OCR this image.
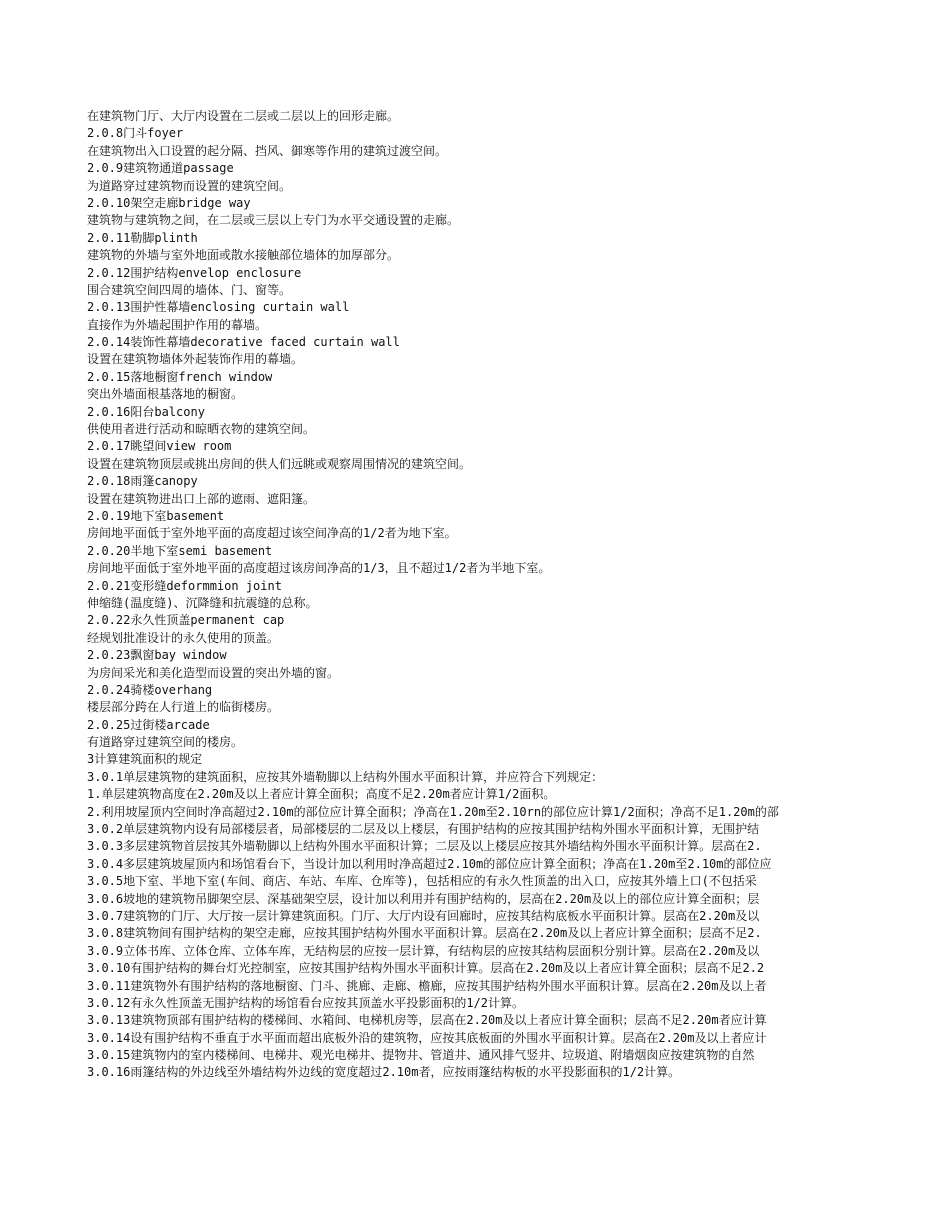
在建筑物门厅、大厅内设置在二层或二层以上的回形走廊。
2.0.8门斗foyer
在建筑物出入口设置的起分隔、挡风、御寒等作用的建筑过渡空间。
2.0.9建筑物通道passage
为道路穿过建筑物而设置的建筑空间。
2.0.10架空走廊bridge way
建筑物与建筑物之间，在二层或三层以上专门为水平交通设置的走廊。
2.0.11勒脚plinth
建筑物的外墙与室外地面或散水接触部位墙体的加厚部分。
2.0.12围护结构envelop enclosure
围合建筑空间四周的墙体、门、窗等。
2.0.13围护性幕墙enclosing curtain wall
直接作为外墙起围护作用的幕墙。
2.0.14装饰性幕墙decorative faced curtain wall
设置在建筑物墙体外起装饰作用的幕墙。
2.0.15落地橱窗french window
突出外墙面根基落地的橱窗。
2.0.16阳台balcony
供使用者进行活动和晾晒衣物的建筑空间。
2.0.17眺望间view room
设置在建筑物顶层或挑出房间的供人们远眺或观察周围情况的建筑空间。
2.0.18雨篷canopy
设置在建筑物进出口上部的遮雨、遮阳篷。
2.0.19地下室basement
房间地平面低于室外地平面的高度超过该空间净高的1/2者为地下室。
2.0.20半地下室semi basement
房间地平面低于室外地平面的高度超过该房间净高的1/3，且不超过1/2者为半地下室。
2.0.21变形缝deformmion joint
伸缩缝(温度缝)、沉降缝和抗震缝的总称。
2.0.22永久性顶盖permanent cap
经规划批准设计的永久使用的顶盖。
2.0.23飘窗bay window
为房间采光和美化造型而设置的突出外墙的窗。
2.0.24骑楼overhang
楼层部分跨在人行道上的临街楼房。
2.0.25过街楼arcade
有道路穿过建筑空间的楼房。
3计算建筑面积的规定
3.0.1单层建筑物的建筑面积，应按其外墙勒脚以上结构外围水平面积计算，并应符合下列规定：
1.单层建筑物高度在2.20m及以上者应计算全面积；高度不足2.20m者应计算1/2面积。
2.利用坡屋顶内空间时净高超过2.10m的部位应计算全面积；净高在1.20m至2.10rn的部位应计算1/2面积；净高不足1.20m的部
3.0.2单层建筑物内设有局部楼层者，局部楼层的二层及以上楼层，有围护结构的应按其围护结构外围水平面积计算，无围护结
3.0.3多层建筑物首层按其外墙勒脚以上结构外围水平面积计算；二层及以上楼层应按其外墙结构外围水平面积计算。层高在2.
3.0.4多层建筑坡屋顶内和场馆看台下，当设计加以利用时净高超过2.10m的部位应计算全面积；净高在1.20m至2.10m的部位应
3.0.5地下室、半地下室(车间、商店、车站、车库、仓库等)，包括相应的有永久性顶盖的出入口，应按其外墙上口(不包括采
3.0.6坡地的建筑物吊脚架空层、深基础架空层，设计加以利用并有围护结构的，层高在2.20m及以上的部位应计算全面积；层
3.0.7建筑物的门厅、大厅按一层计算建筑面积。门厅、大厅内设有回廊时，应按其结构底板水平面积计算。层高在2.20m及以
3.0.8建筑物间有围护结构的架空走廊，应按其围护结构外围水平面积计算。层高在2.20m及以上者应计算全面积；层高不足2.
3.0.9立体书库、立体仓库、立体车库，无结构层的应按一层计算，有结构层的应按其结构层面积分别计算。层高在2.20m及以
3.0.10有围护结构的舞台灯光控制室，应按其围护结构外围水平面积计算。层高在2.20m及以上者应计算全面积；层高不足2.2
3.0.11建筑物外有围护结构的落地橱窗、门斗、挑廊、走廊、檐廊，应按其围护结构外围水平面积计算。层高在2.20m及以上者
3.0.12有永久性顶盖无围护结构的场馆看台应按其顶盖水平投影面积的1/2计算。
3.0.13建筑物顶部有围护结构的楼梯间、水箱间、电梯机房等，层高在2.20m及以上者应计算全面积；层高不足2.20m者应计算
3.0.14设有围护结构不垂直于水平面而超出底板外沿的建筑物，应按其底板面的外围水平面积计算。层高在2.20m及以上者应计
3.0.15建筑物内的室内楼梯间、电梯井、观光电梯井、提物井、管道井、通风排气竖井、垃圾道、附墙烟囱应按建筑物的自然
3.0.16雨篷结构的外边线至外墙结构外边线的宽度超过2.10m者，应按雨篷结构板的水平投影面积的1/2计算。
